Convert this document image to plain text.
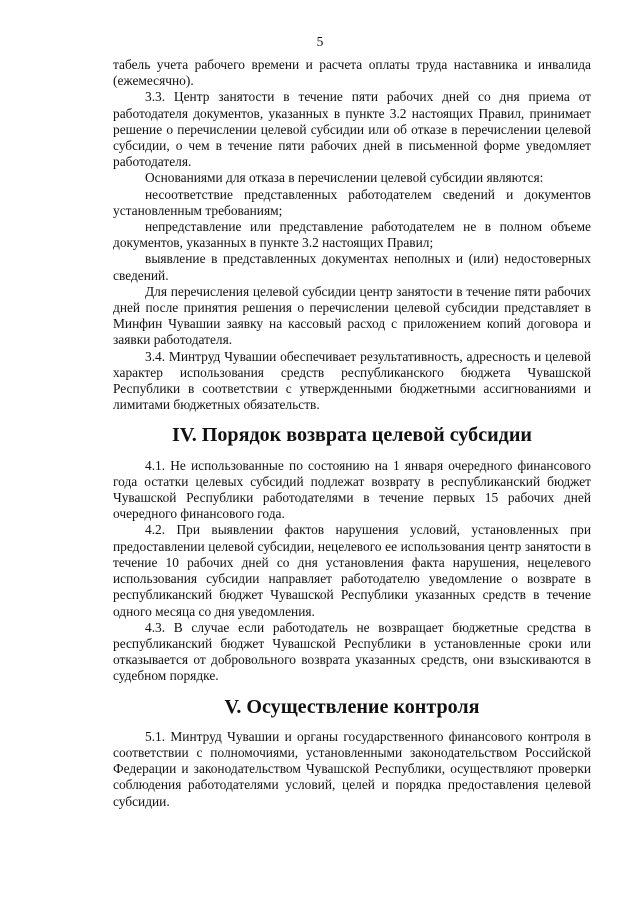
5

табель учета рабочего времени и расчета оплаты труда наставника и инвалида (ежемесячно).

3.3. Центр занятости в течение пяти рабочих дней со дня приема от работодателя документов, указанных в пункте 3.2 настоящих Правил, принимает решение о перечислении целевой субсидии или об отказе в перечислении целевой субсидии, о чем в течение пяти рабочих дней в письменной форме уведомляет работодателя.

Основаниями для отказа в перечислении целевой субсидии являются:

несоответствие представленных работодателем сведений и документов установленным требованиям;

непредставление или представление работодателем не в полном объеме документов, указанных в пункте 3.2 настоящих Правил;

выявление в представленных документах неполных и (или) недостоверных сведений.

Для перечисления целевой субсидии центр занятости в течение пяти рабочих дней после принятия решения о перечислении целевой субсидии представляет в Минфин Чувашии заявку на кассовый расход с приложением копий договора и заявки работодателя.

3.4. Минтруд Чувашии обеспечивает результативность, адресность и целевой характер использования средств республиканского бюджета Чувашской Республики в соответствии с утвержденными бюджетными ассигнованиями и лимитами бюджетных обязательств.

IV. Порядок возврата целевой субсидии

4.1. Не использованные по состоянию на 1 января очередного финансового года остатки целевых субсидий подлежат возврату в республиканский бюджет Чувашской Республики работодателями в течение первых 15 рабочих дней очередного финансового года.

4.2. При выявлении фактов нарушения условий, установленных при предоставлении целевой субсидии, нецелевого ее использования центр занятости в течение 10 рабочих дней со дня установления факта нарушения, нецелевого использования субсидии направляет работодателю уведомление о возврате в республиканский бюджет Чувашской Республики указанных средств в течение одного месяца со дня уведомления.

4.3. В случае если работодатель не возвращает бюджетные средства в республиканский бюджет Чувашской Республики в установленные сроки или отказывается от добровольного возврата указанных средств, они взыскиваются в судебном порядке.

V. Осуществление контроля

5.1. Минтруд Чувашии и органы государственного финансового контроля в соответствии с полномочиями, установленными законодательством Российской Федерации и законодательством Чувашской Республики, осуществляют проверки соблюдения работодателями условий, целей и порядка предоставления целевой субсидии.
